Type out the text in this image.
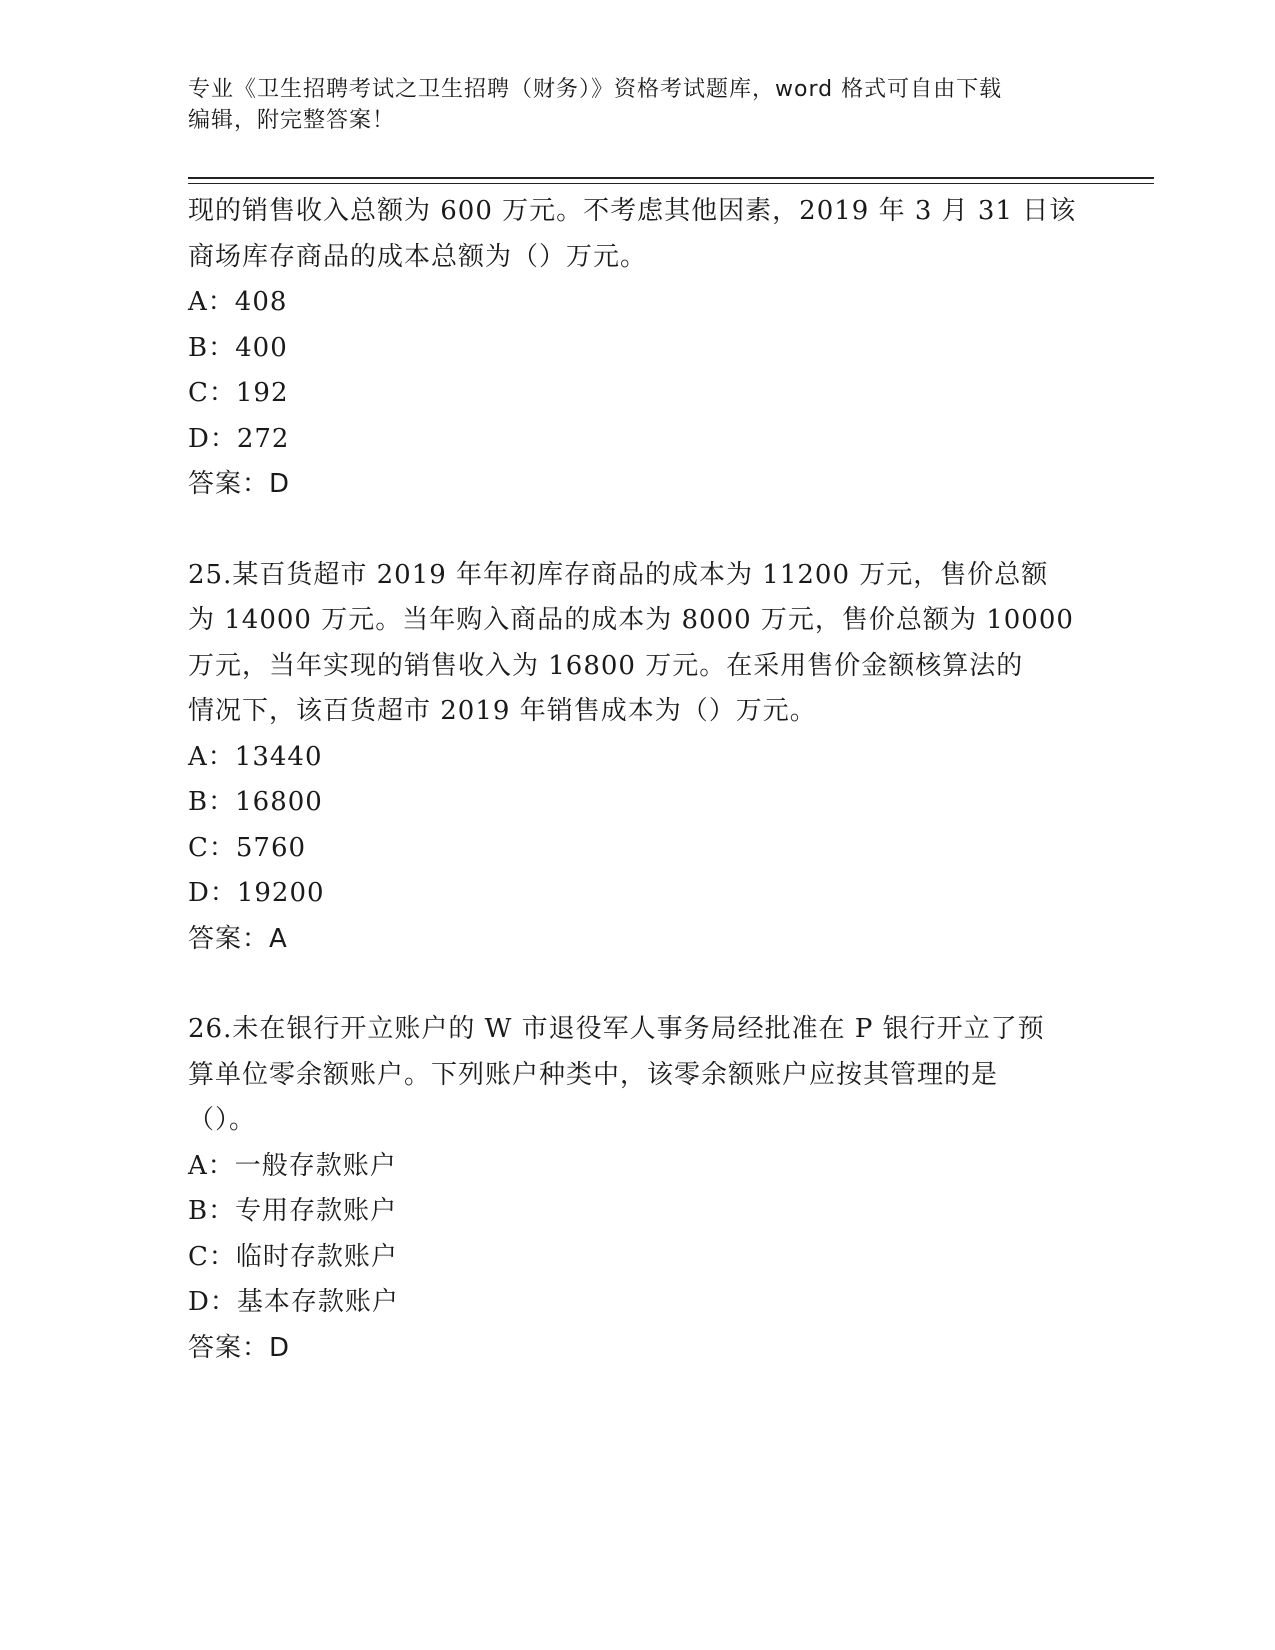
专业《卫生招聘考试之卫生招聘（财务）》资格考试题库，word 格式可自由下载
编辑，附完整答案！

现的销售收入总额为 600 万元。不考虑其他因素，2019 年 3 月 31 日该

商场库存商品的成本总额为（）万元。

A：408

B：400

C：192

D：272

答案：D

25.某百货超市 2019 年年初库存商品的成本为 11200 万元，售价总额

为 14000 万元。当年购入商品的成本为 8000 万元，售价总额为 10000

万元，当年实现的销售收入为 16800 万元。在采用售价金额核算法的

情况下，该百货超市 2019 年销售成本为（）万元。

A：13440

B：16800

C：5760

D：19200

答案：A

26.未在银行开立账户的 W 市退役军人事务局经批准在 P 银行开立了预

算单位零余额账户。下列账户种类中，该零余额账户应按其管理的是

（）。

A：一般存款账户

B：专用存款账户

C：临时存款账户

D：基本存款账户

答案：D
